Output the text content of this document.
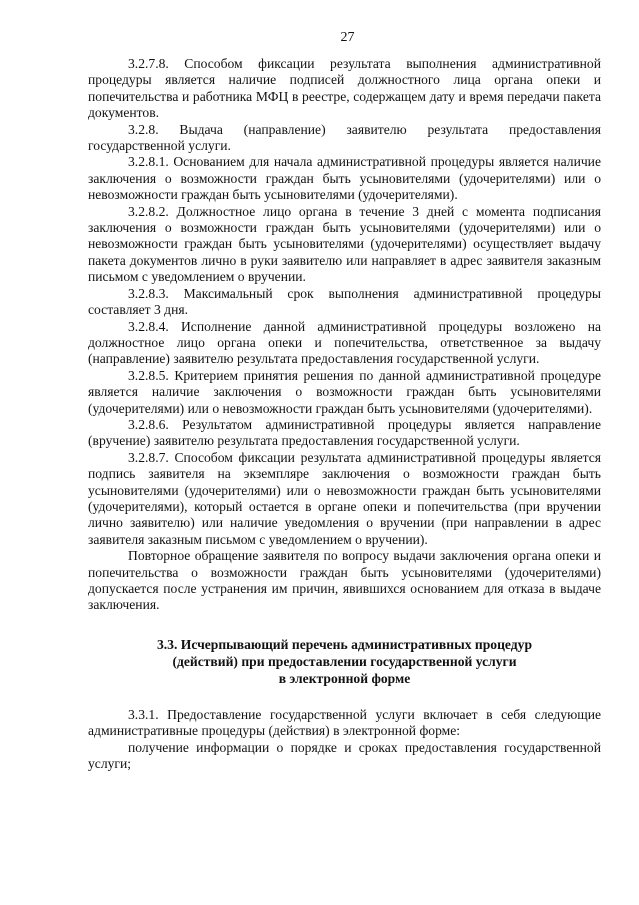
27

3.2.7.8. Способом фиксации результата выполнения административной процедуры является наличие подписей должностного лица органа опеки и попечительства и работника МФЦ в реестре, содержащем дату и время передачи пакета документов.

3.2.8. Выдача (направление) заявителю результата предоставления государственной услуги.

3.2.8.1. Основанием для начала административной процедуры является наличие заключения о возможности граждан быть усыновителями (удочерителями) или о невозможности граждан быть усыновителями (удочерителями).

3.2.8.2. Должностное лицо органа в течение 3 дней с момента подписания заключения о возможности граждан быть усыновителями (удочерителями) или о невозможности граждан быть усыновителями (удочерителями) осуществляет выдачу пакета документов лично в руки заявителю или направляет в адрес заявителя заказным письмом с уведомлением о вручении.

3.2.8.3. Максимальный срок выполнения административной процедуры составляет 3 дня.

3.2.8.4. Исполнение данной административной процедуры возложено на должностное лицо органа опеки и попечительства, ответственное за выдачу (направление) заявителю результата предоставления государственной услуги.

3.2.8.5. Критерием принятия решения по данной административной процедуре является наличие заключения о возможности граждан быть усыновителями (удочерителями) или о невозможности граждан быть усыновителями (удочерителями).

3.2.8.6. Результатом административной процедуры является направление (вручение) заявителю результата предоставления государственной услуги.

3.2.8.7. Способом фиксации результата административной процедуры является подпись заявителя на экземпляре заключения о возможности граждан быть усыновителями (удочерителями) или о невозможности граждан быть усыновителями (удочерителями), который остается в органе опеки и попечительства (при вручении лично заявителю) или наличие уведомления о вручении (при направлении в адрес заявителя заказным письмом с уведомлением о вручении).

Повторное обращение заявителя по вопросу выдачи заключения органа опеки и попечительства о возможности граждан быть усыновителями (удочерителями) допускается после устранения им причин, явившихся основанием для отказа в выдаче заключения.

3.3. Исчерпывающий перечень административных процедур
(действий) при предоставлении государственной услуги
в электронной форме

3.3.1. Предоставление государственной услуги включает в себя следующие административные процедуры (действия) в электронной форме:

получение информации о порядке и сроках предоставления государственной услуги;
